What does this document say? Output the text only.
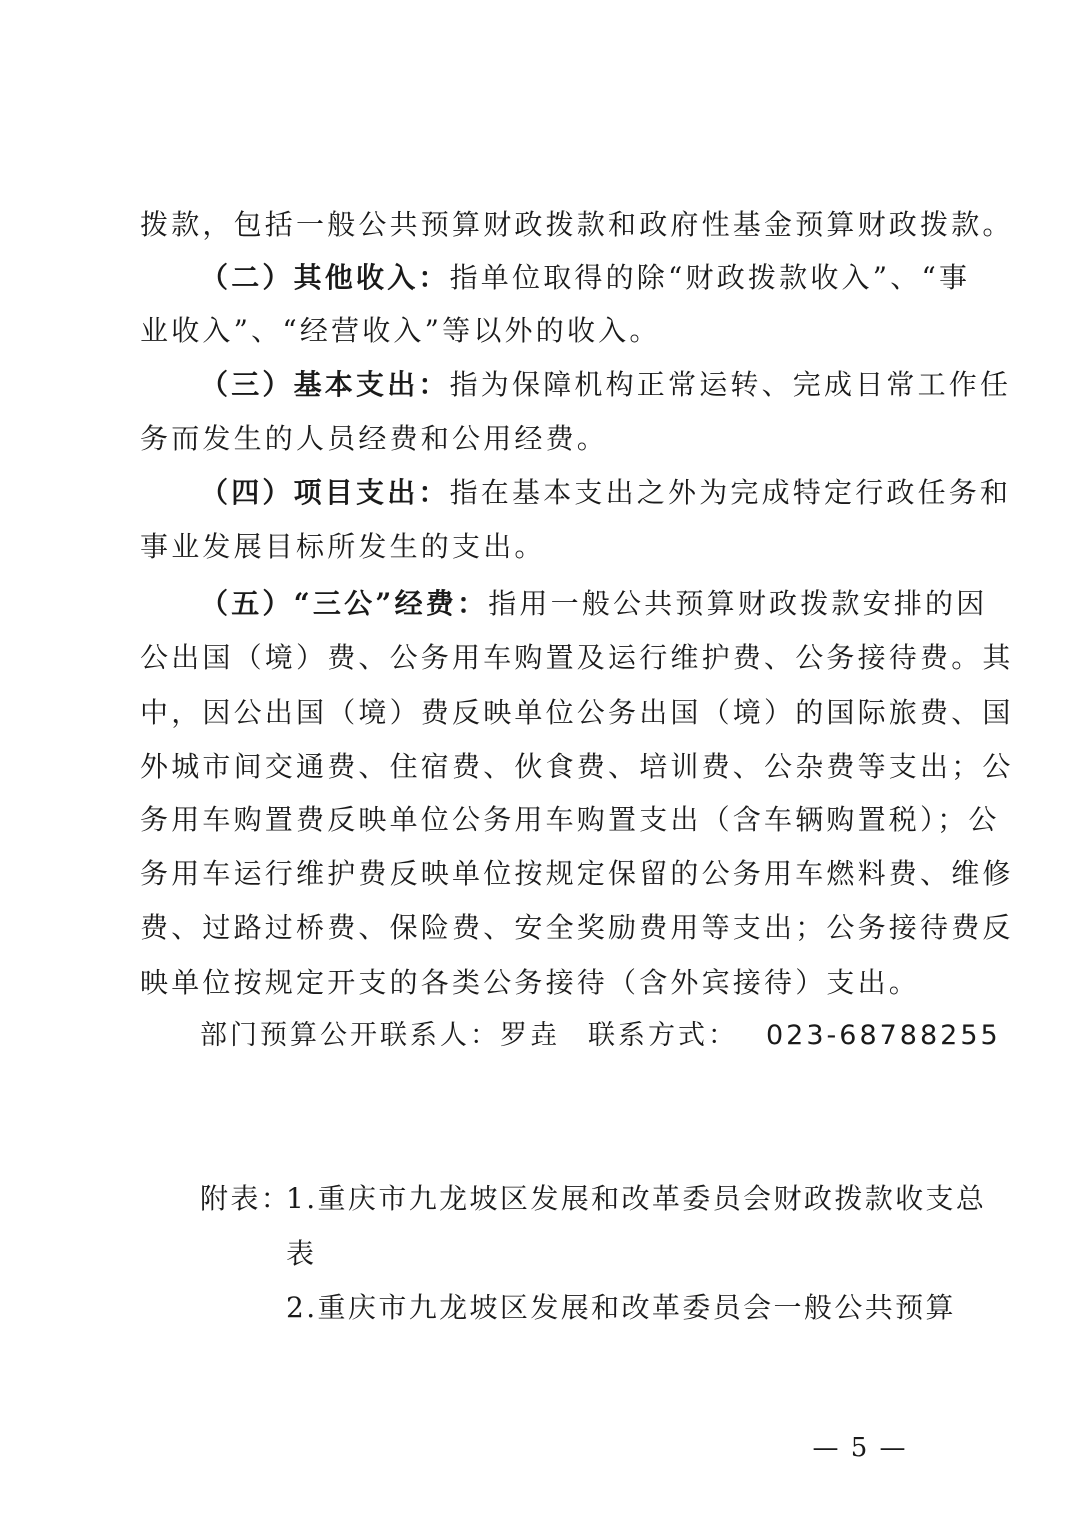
拨款，包括一般公共预算财政拨款和政府性基金预算财政拨款。
（二）其他收入：指单位取得的除“财政拨款收入”、“事
业收入”、“经营收入”等以外的收入。
（三）基本支出：指为保障机构正常运转、完成日常工作任
务而发生的人员经费和公用经费。
（四）项目支出：指在基本支出之外为完成特定行政任务和
事业发展目标所发生的支出。
（五）“三公”经费：指用一般公共预算财政拨款安排的因
公出国（境）费、公务用车购置及运行维护费、公务接待费。其
中，因公出国（境）费反映单位公务出国（境）的国际旅费、国
外城市间交通费、住宿费、伙食费、培训费、公杂费等支出；公
务用车购置费反映单位公务用车购置支出（含车辆购置税）；公
务用车运行维护费反映单位按规定保留的公务用车燃料费、维修
费、过路过桥费、保险费、安全奖励费用等支出；公务接待费反
映单位按规定开支的各类公务接待（含外宾接待）支出。
部门预算公开联系人：罗垚 联系方式： 023-68788255
附表：
1.重庆市九龙坡区发展和改革委员会财政拨款收支总
表
2.重庆市九龙坡区发展和改革委员会一般公共预算
— 5 —
